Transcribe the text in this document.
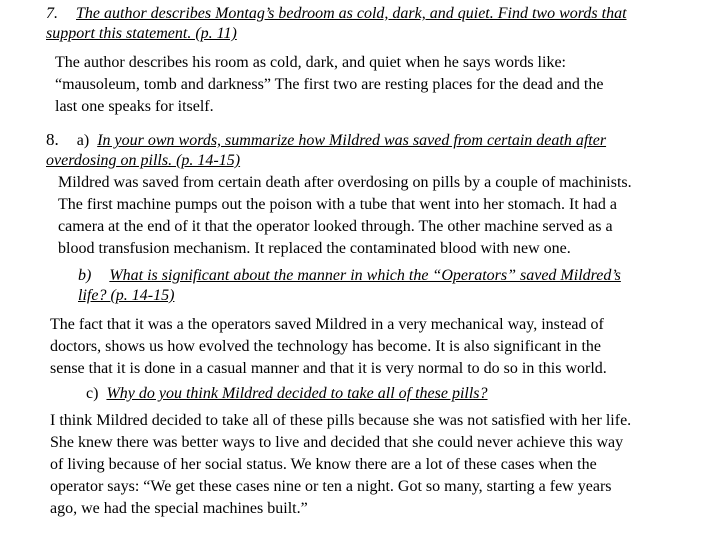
7. The author describes Montag’s bedroom as cold, dark, and quiet. Find two words that
support this statement. (p. 11)
The author describes his room as cold, dark, and quiet when he says words like:
“mausoleum, tomb and darkness” The first two are resting places for the dead and the
last one speaks for itself.
8. a) In your own words, summarize how Mildred was saved from certain death after
overdosing on pills. (p. 14-15)
Mildred was saved from certain death after overdosing on pills by a couple of machinists.
The first machine pumps out the poison with a tube that went into her stomach. It had a
camera at the end of it that the operator looked through. The other machine served as a
blood transfusion mechanism. It replaced the contaminated blood with new one.
b) What is significant about the manner in which the “Operators” saved Mildred’s
life? (p. 14-15)
The fact that it was a the operators saved Mildred in a very mechanical way, instead of
doctors, shows us how evolved the technology has become. It is also significant in the
sense that it is done in a casual manner and that it is very normal to do so in this world.
c) Why do you think Mildred decided to take all of these pills?
I think Mildred decided to take all of these pills because she was not satisfied with her life.
She knew there was better ways to live and decided that she could never achieve this way
of living because of her social status. We know there are a lot of these cases when the
operator says: “We get these cases nine or ten a night. Got so many, starting a few years
ago, we had the special machines built.”
